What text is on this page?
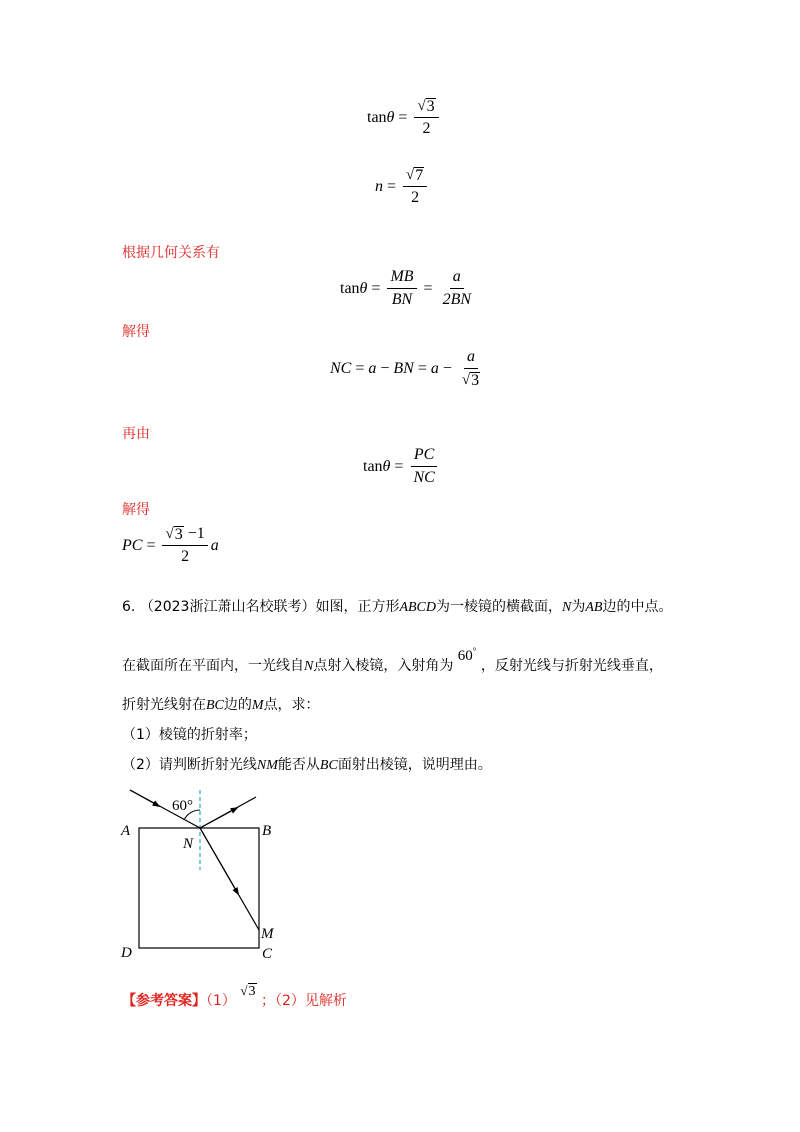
$\tan \theta = \frac{√ 3}{2}$
$n = \frac{√ 7}{2}$
根据几何关系有
$\tan \theta = \frac{MB}{BN} = \frac{a}{2BN}$
解得
NC = a − BN = $a - \frac{a}{√ 3}$
再由
$\tan \theta = \frac{PC}{NC}$
解得
PC = $\frac{√ 3 -1}{2}$ a
6. （2023浙江萧山名校联考）如图，正方形ABCD为一棱镜的横截面，N为AB边的中点。
在截面所在平面内，一光线自N点射入棱镜，入射角为 60° ，反射光线与折射光线垂直，
折射光线射在BC边的M点，求：
（1）棱镜的折射率；
（2）请判断折射光线NM能否从BC面射出棱镜，说明理由。
60°
A	B
N
M
C
D
【参考答案】（1）
√ 3
；（2）见解析
